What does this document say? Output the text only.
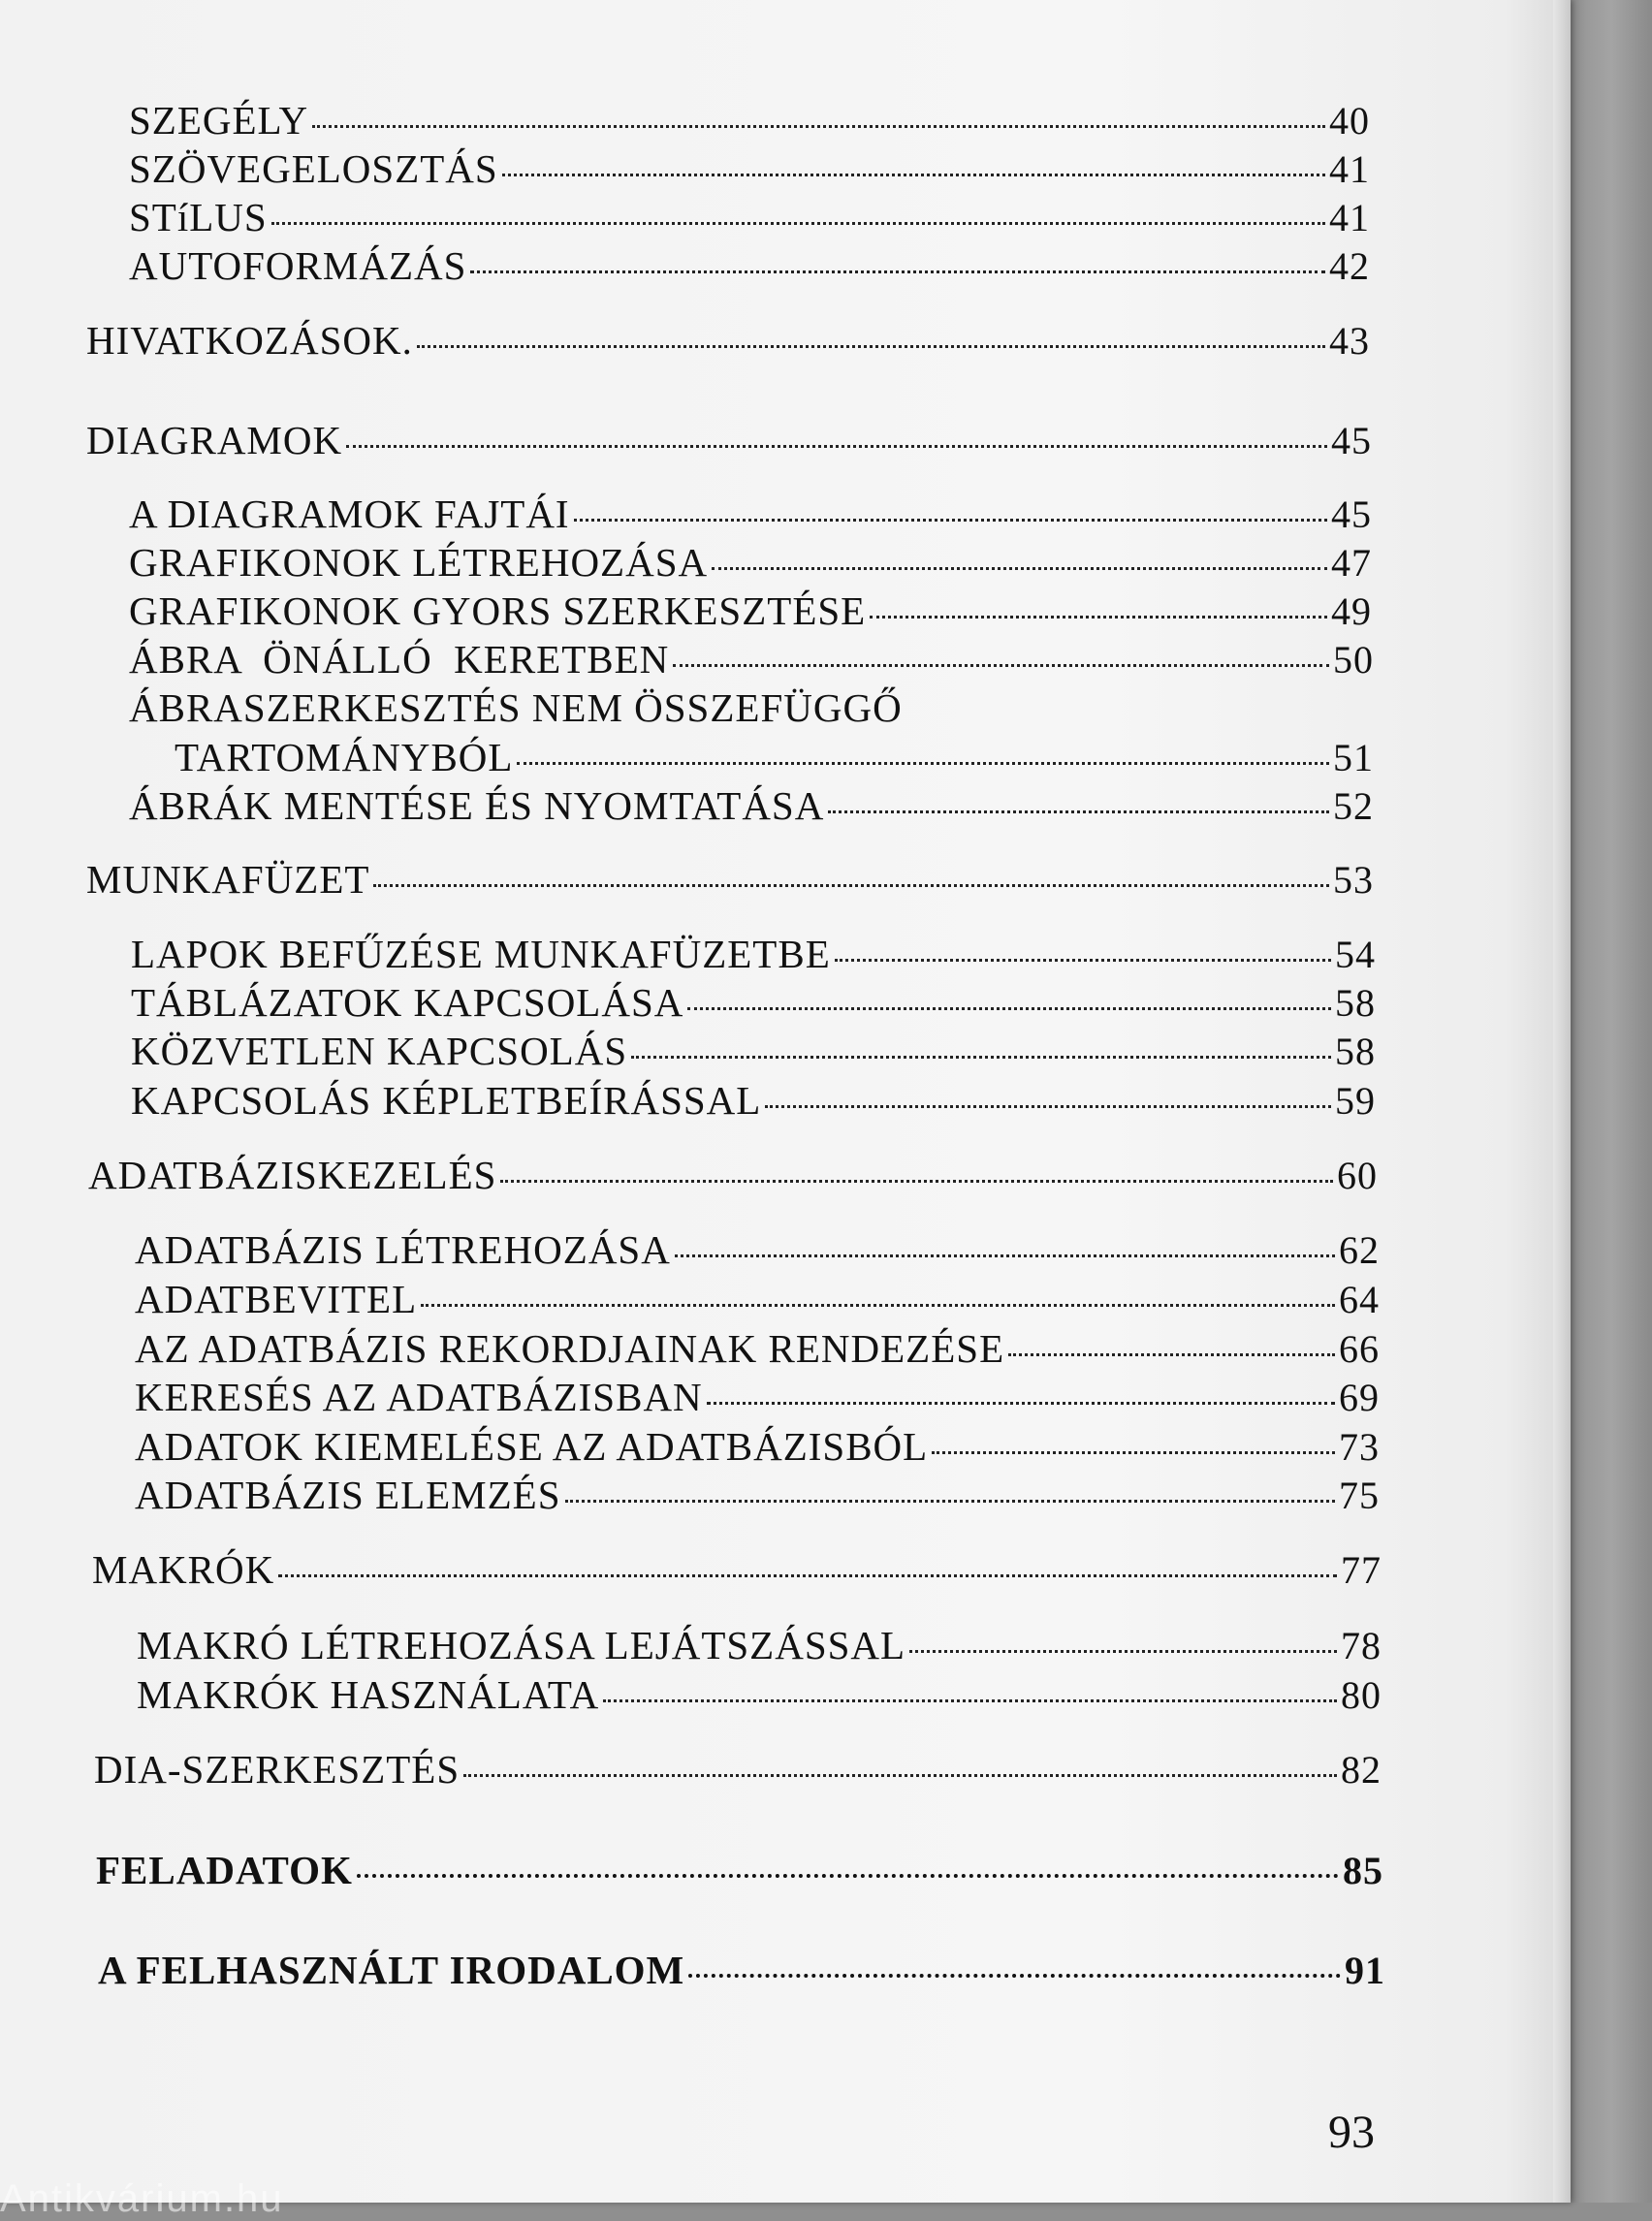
SZEGÉLY	40
SZÖVEGELOSZTÁS	41
STíLUS	41
AUTOFORMÁZÁS	42
HIVATKOZÁSOK.	43
DIAGRAMOK	45
A DIAGRAMOK FAJTÁI	45
GRAFIKONOK LÉTREHOZÁSA	47
GRAFIKONOK GYORS SZERKESZTÉSE	49
ÁBRA  ÖNÁLLÓ  KERETBEN	50
ÁBRASZERKESZTÉS NEM ÖSSZEFÜGGŐ
TARTOMÁNYBÓL	51
ÁBRÁK MENTÉSE ÉS NYOMTATÁSA	52
MUNKAFÜZET	53
LAPOK BEFŰZÉSE MUNKAFÜZETBE	54
TÁBLÁZATOK KAPCSOLÁSA	58
KÖZVETLEN KAPCSOLÁS	58
KAPCSOLÁS KÉPLETBEÍRÁSSAL	59
ADATBÁZISKEZELÉS	60
ADATBÁZIS LÉTREHOZÁSA	62
ADATBEVITEL	64
AZ ADATBÁZIS REKORDJAINAK RENDEZÉSE	66
KERESÉS AZ ADATBÁZISBAN	69
ADATOK KIEMELÉSE AZ ADATBÁZISBÓL	73
ADATBÁZIS ELEMZÉS	75
MAKRÓK	77
MAKRÓ LÉTREHOZÁSA LEJÁTSZÁSSAL	78
MAKRÓK HASZNÁLATA	80
DIA-SZERKESZTÉS	82
FELADATOK	85
A FELHASZNÁLT IRODALOM	91
93
Antikvárium.hu
